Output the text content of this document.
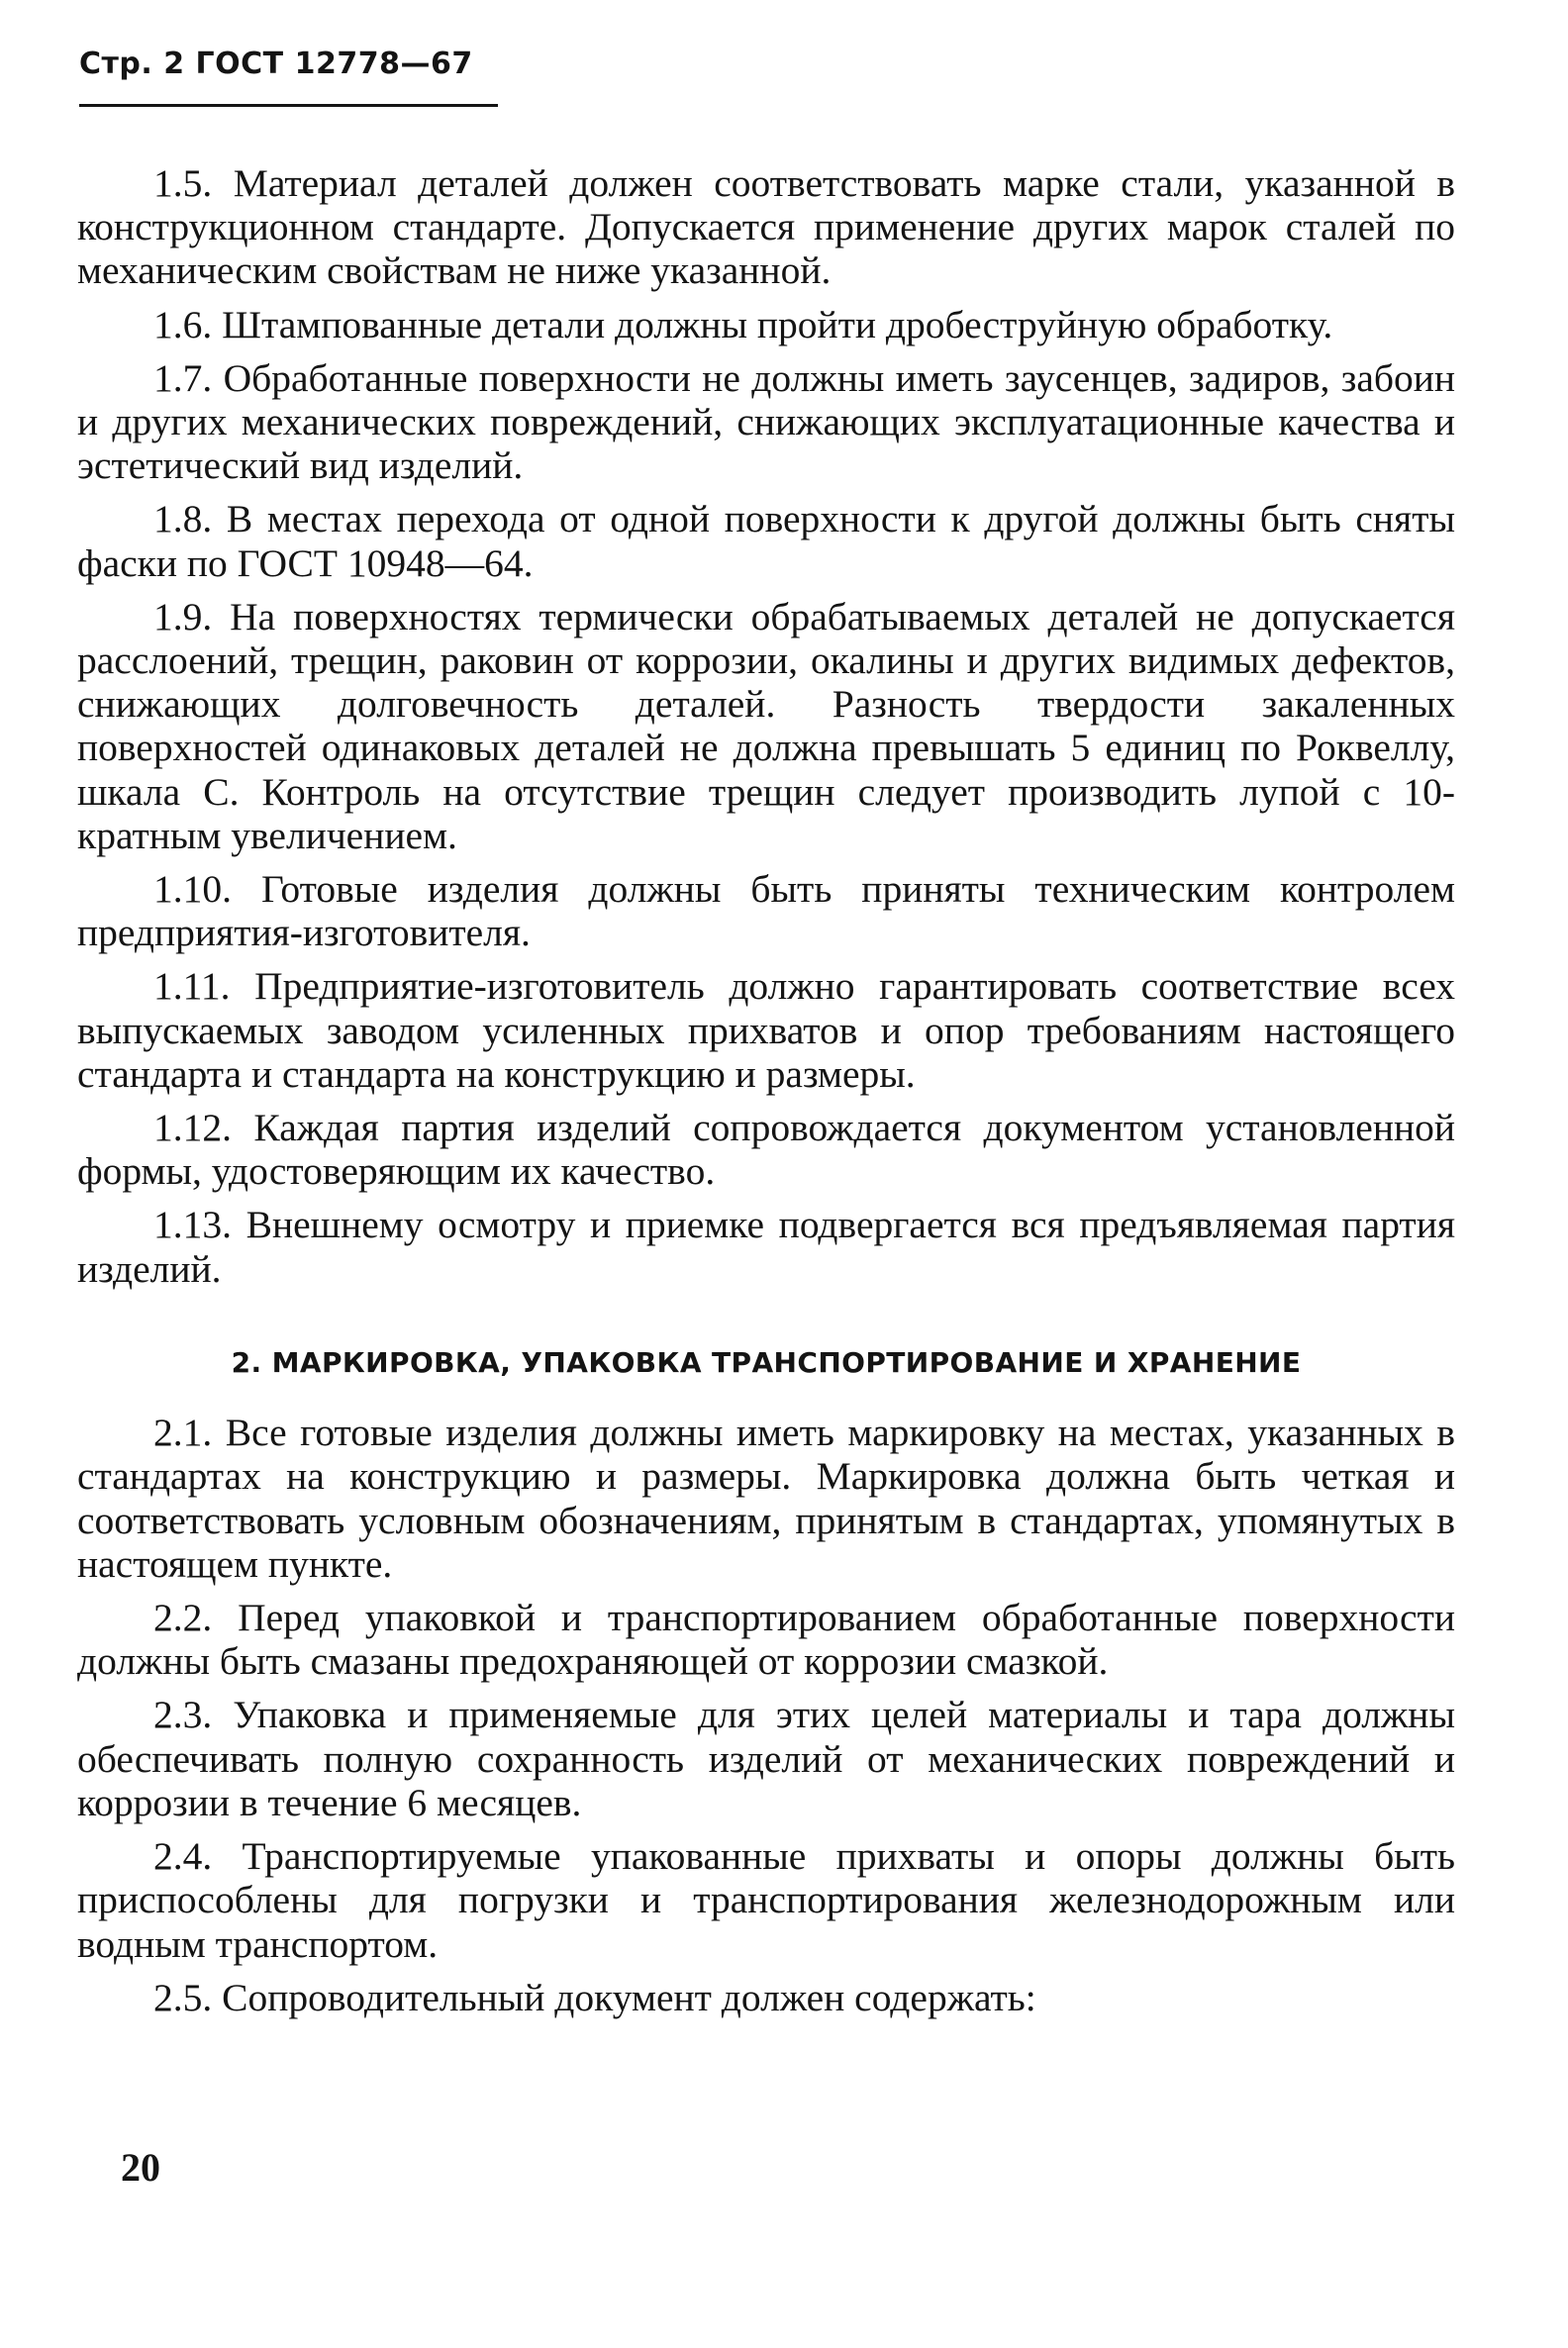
Стр. 2 ГОСТ 12778—67

1.5. Материал деталей должен соответствовать марке стали, указанной в конструкционном стандарте. Допускается применение других марок сталей по механическим свойствам не ниже указанной.

1.6. Штампованные детали должны пройти дробеструйную обработку.

1.7. Обработанные поверхности не должны иметь заусенцев, задиров, забоин и других механических повреждений, снижающих эксплуатационные качества и эстетический вид изделий.

1.8. В местах перехода от одной поверхности к другой должны быть сняты фаски по ГОСТ 10948—64.

1.9. На поверхностях термически обрабатываемых деталей не допускается расслоений, трещин, раковин от коррозии, окалины и других видимых дефектов, снижающих долговечность деталей. Разность твердости закаленных поверхностей одинаковых деталей не должна превышать 5 единиц по Роквеллу, шкала С. Контроль на отсутствие трещин следует производить лупой с 10-кратным увеличением.

1.10. Готовые изделия должны быть приняты техническим контролем предприятия-изготовителя.

1.11. Предприятие-изготовитель должно гарантировать соответствие всех выпускаемых заводом усиленных прихватов и опор требованиям настоящего стандарта и стандарта на конструкцию и размеры.

1.12. Каждая партия изделий сопровождается документом установленной формы, удостоверяющим их качество.

1.13. Внешнему осмотру и приемке подвергается вся предъявляемая партия изделий.

2. МАРКИРОВКА, УПАКОВКА ТРАНСПОРТИРОВАНИЕ И ХРАНЕНИЕ

2.1. Все готовые изделия должны иметь маркировку на местах, указанных в стандартах на конструкцию и размеры. Маркировка должна быть четкая и соответствовать условным обозначениям, принятым в стандартах, упомянутых в настоящем пункте.

2.2. Перед упаковкой и транспортированием обработанные поверхности должны быть смазаны предохраняющей от коррозии смазкой.

2.3. Упаковка и применяемые для этих целей материалы и тара должны обеспечивать полную сохранность изделий от механических повреждений и коррозии в течение 6 месяцев.

2.4. Транспортируемые упакованные прихваты и опоры должны быть приспособлены для погрузки и транспортирования железнодорожным или водным транспортом.

2.5. Сопроводительный документ должен содержать:

20
